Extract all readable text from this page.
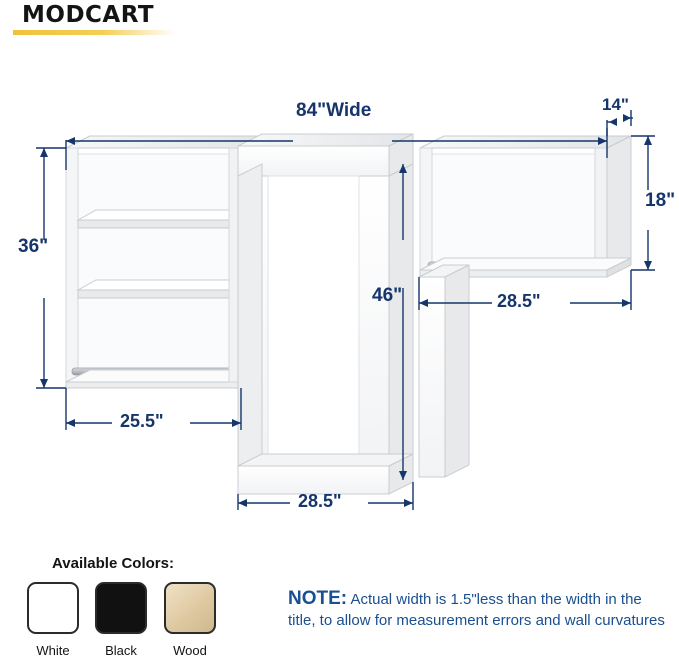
MODCART
84"Wide	14"
18"
36"
46"
25.5"
28.5"
28.5"
Available Colors:
White	Black	Wood
NOTE: Actual width is 1.5"less than the width in the title, to allow for measurement errors and wall curvatures
